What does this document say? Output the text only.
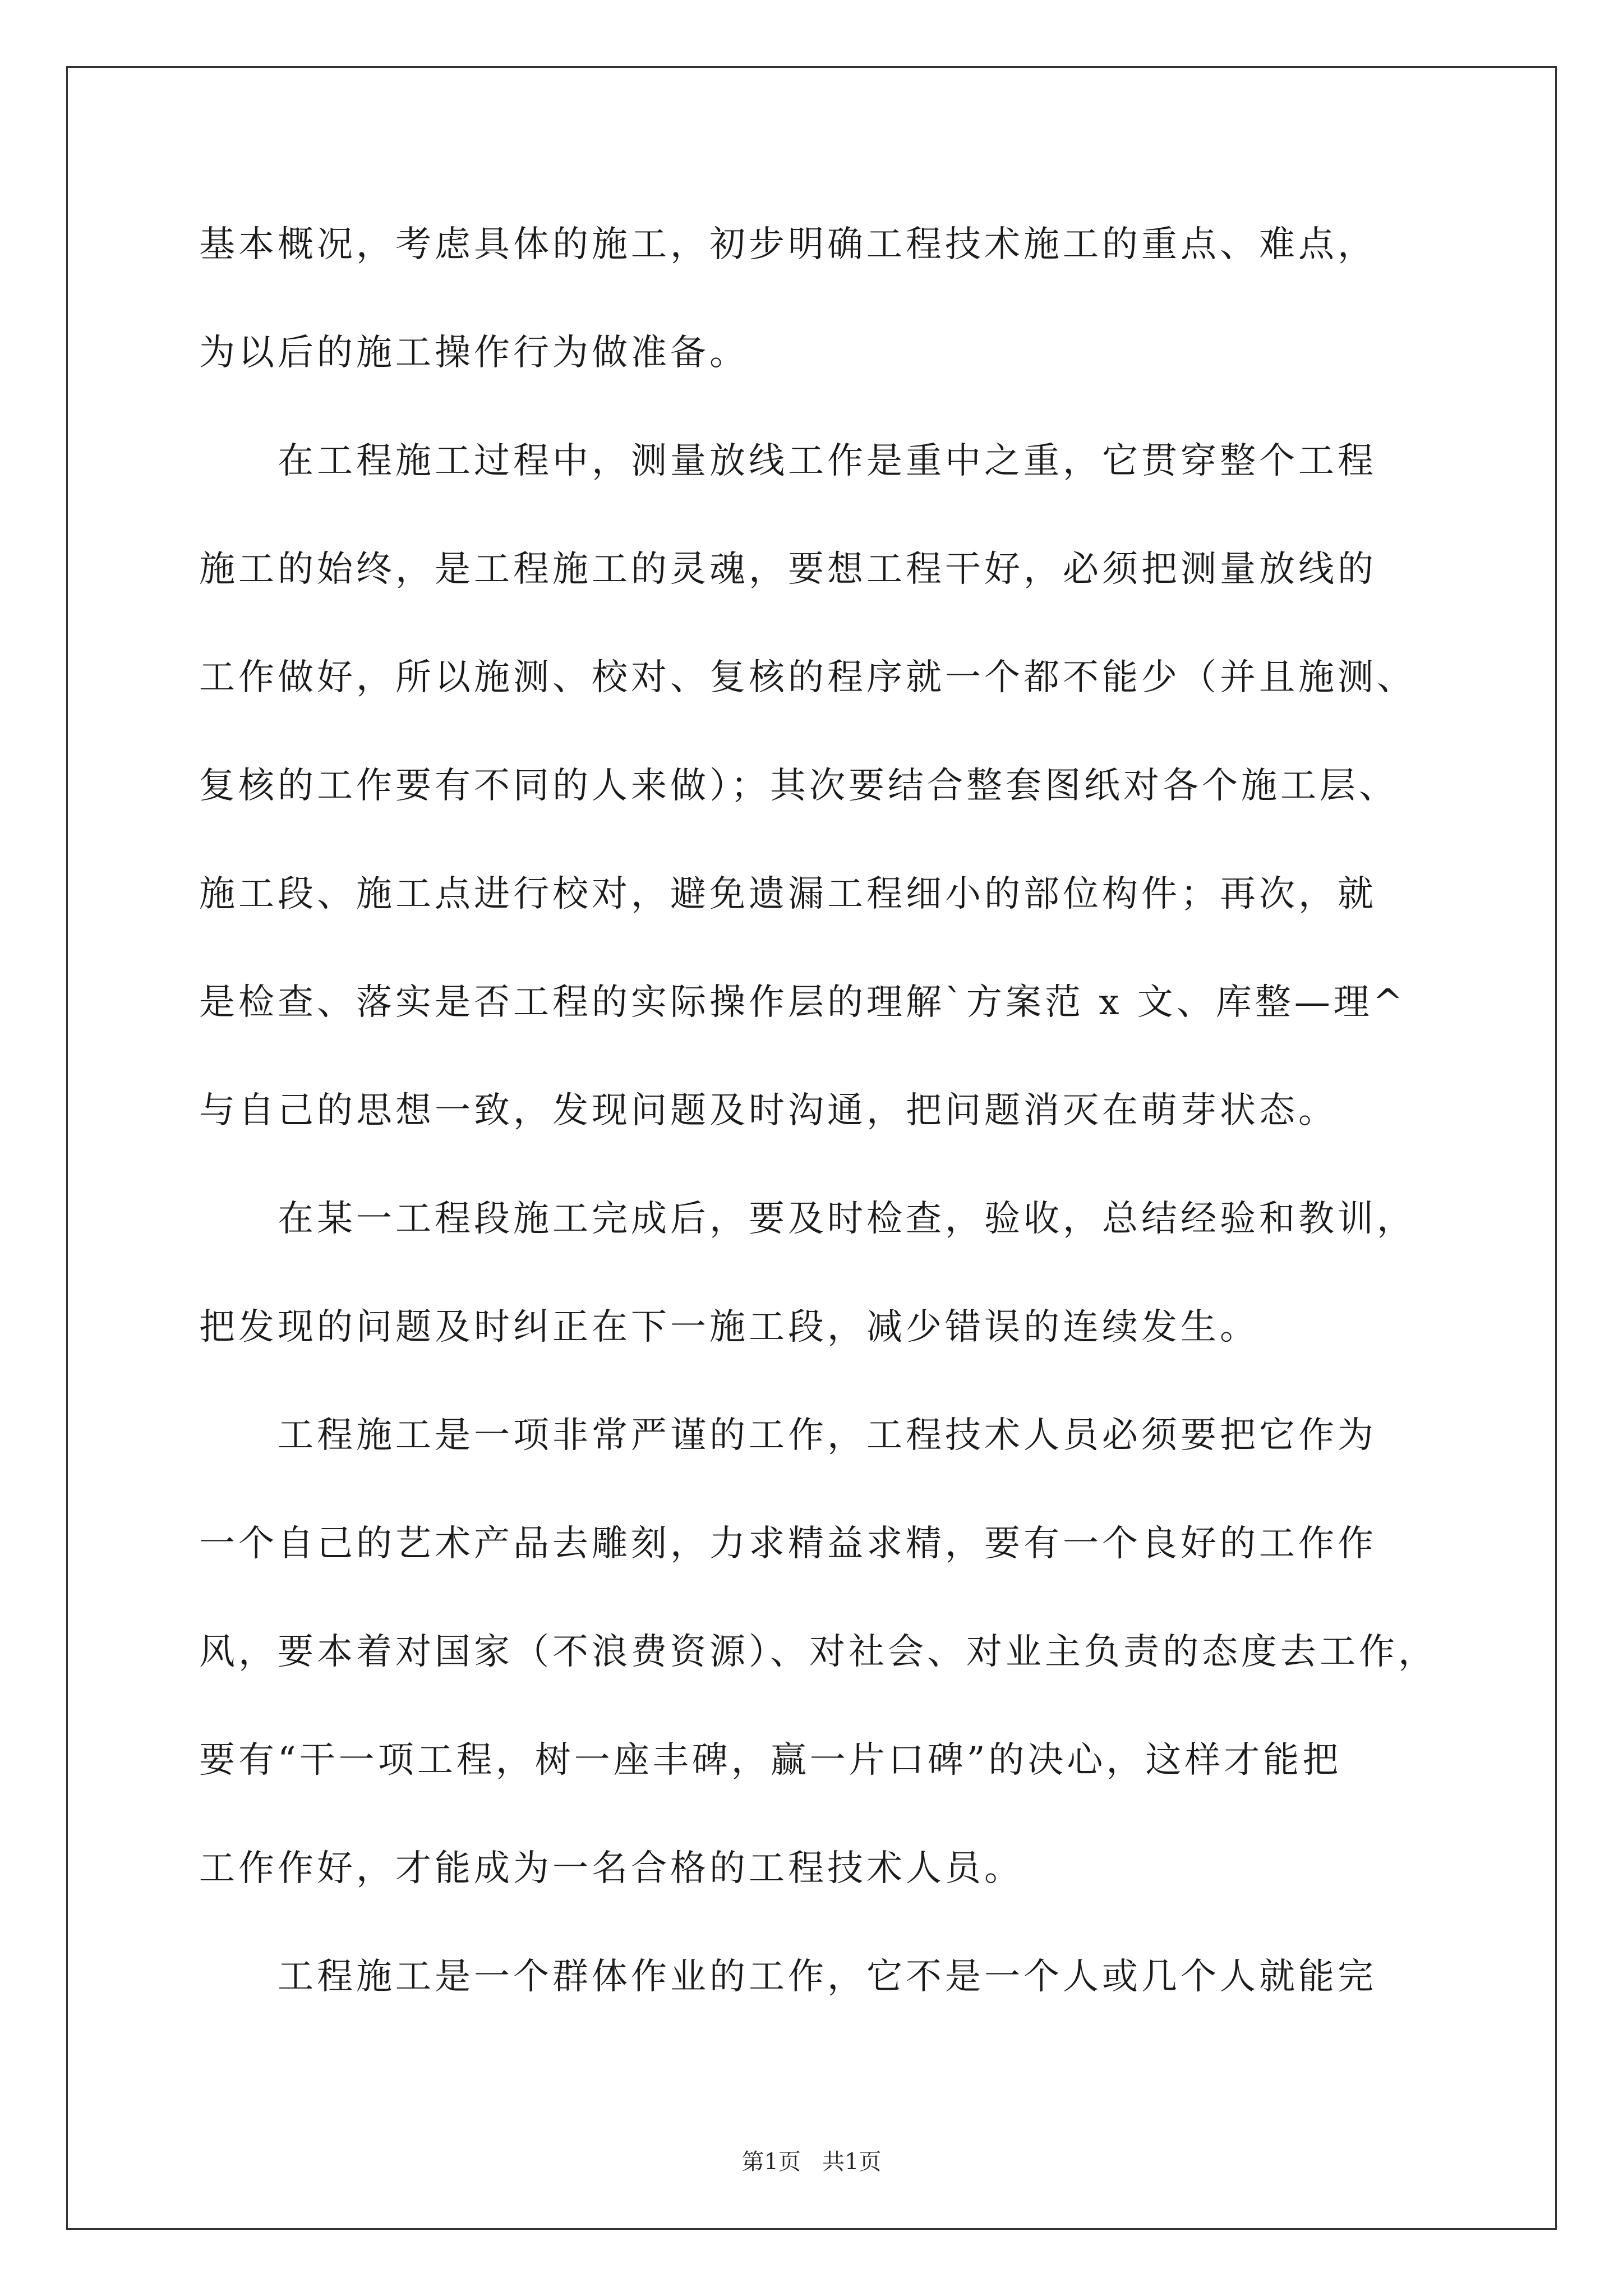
基本概况，考虑具体的施工，初步明确工程技术施工的重点、难点，
为以后的施工操作行为做准备。
在工程施工过程中，测量放线工作是重中之重，它贯穿整个工程
施工的始终，是工程施工的灵魂，要想工程干好，必须把测量放线的
工作做好，所以施测、校对、复核的程序就一个都不能少（并且施测、
复核的工作要有不同的人来做）；其次要结合整套图纸对各个施工层、
施工段、施工点进行校对，避免遗漏工程细小的部位构件；再次，就
是检查、落实是否工程的实际操作层的理解`方案范 x 文、库整—理^
与自己的思想一致，发现问题及时沟通，把问题消灭在萌芽状态。
在某一工程段施工完成后，要及时检查，验收，总结经验和教训，
把发现的问题及时纠正在下一施工段，减少错误的连续发生。
工程施工是一项非常严谨的工作，工程技术人员必须要把它作为
一个自己的艺术产品去雕刻，力求精益求精，要有一个良好的工作作
风，要本着对国家（不浪费资源）、对社会、对业主负责的态度去工作，
要有“干一项工程，树一座丰碑，赢一片口碑”的决心，这样才能把
工作作好，才能成为一名合格的工程技术人员。
工程施工是一个群体作业的工作，它不是一个人或几个人就能完
第1页   共1页
